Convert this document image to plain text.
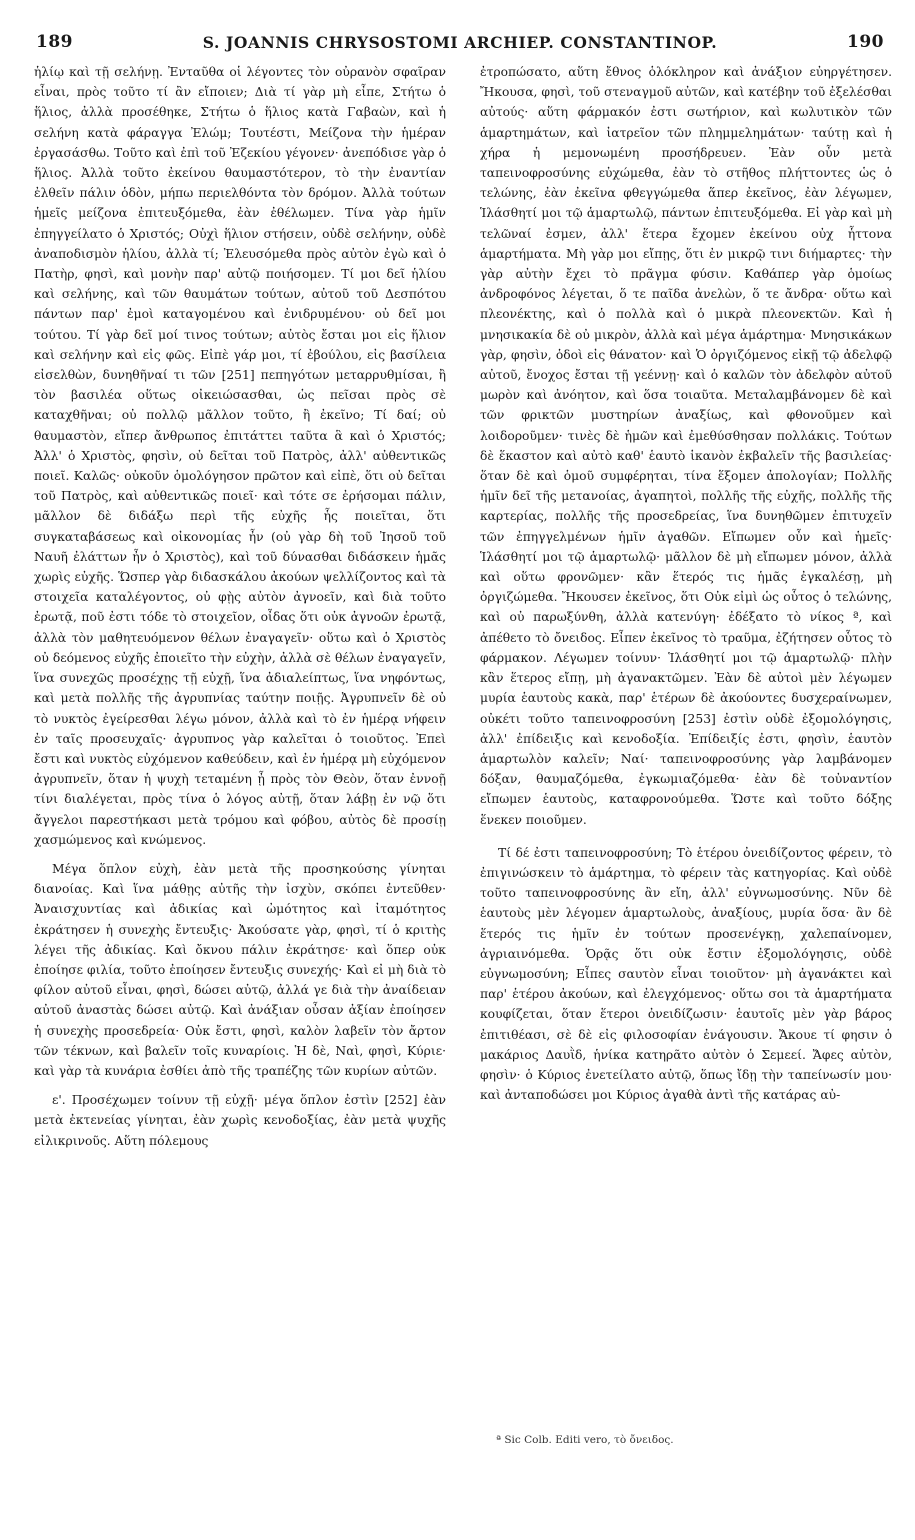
189	S. JOANNIS CHRYSOSTOMI ARCHIEP. CONSTANTINOP.	190

ἡλίῳ καὶ τῇ σελήνῃ. Ἐνταῦθα οἱ λέγοντες τὸν οὐρανὸν σφαῖραν εἶναι, πρὸς τοῦτο τί ἂν εἴποιεν; Διὰ τί γὰρ μὴ εἶπε, Στήτω ὁ ἥλιος, ἀλλὰ προσέθηκε, Στήτω ὁ ἥλιος κατὰ Γαβαὼν, καὶ ἡ σελήνη κατὰ φάραγγα Ἐλώμ; Τουτέστι, Μείζονα τὴν ἡμέραν ἐργασάσθω. Τοῦτο καὶ ἐπὶ τοῦ Ἐζεκίου γέγονεν· ἀνεπόδισε γὰρ ὁ ἥλιος. Ἀλλὰ τοῦτο ἐκείνου θαυμαστότερον, τὸ τὴν ἐναντίαν ἐλθεῖν πάλιν ὁδὸν, μήπω περιελθόντα τὸν δρόμον. Ἀλλὰ τούτων ἡμεῖς μείζονα ἐπιτευξόμεθα, ἐὰν ἐθέλωμεν. Τίνα γὰρ ἡμῖν ἐπηγγείλατο ὁ Χριστός; Οὐχὶ ἥλιον στήσειν, οὐδὲ σελήνην, οὐδὲ ἀναποδισμὸν ἡλίου, ἀλλὰ τί; Ἐλευσόμεθα πρὸς αὐτὸν ἐγὼ καὶ ὁ Πατὴρ, φησὶ, καὶ μονὴν παρ' αὐτῷ ποιήσομεν. Τί μοι δεῖ ἡλίου καὶ σελήνης, καὶ τῶν θαυμάτων τούτων, αὐτοῦ τοῦ Δεσπότου πάντων παρ' ἐμοὶ καταγομένου καὶ ἐνιδρυμένου· οὐ δεῖ μοι τούτου. Τί γὰρ δεῖ μοί τινος τούτων; αὐτὸς ἔσται μοι εἰς ἥλιον καὶ σελήνην καὶ εἰς φῶς. Εἰπὲ γάρ μοι, τί ἐβούλου, εἰς βασίλεια εἰσελθὼν, δυνηθῆναί τι τῶν [251] πεπηγότων μεταρρυθμίσαι, ἢ τὸν βασιλέα οὕτως οἰκειώσασθαι, ὡς πεῖσαι πρὸς σὲ καταχθῆναι; οὐ πολλῷ μᾶλλον τοῦτο, ἢ ἐκεῖνο; Τί δαί; οὐ θαυμαστὸν, εἴπερ ἄνθρωπος ἐπιτάττει ταῦτα ἃ καὶ ὁ Χριστός; Ἀλλ' ὁ Χριστὸς, φησὶν, οὐ δεῖται τοῦ Πατρὸς, ἀλλ' αὐθεντικῶς ποιεῖ. Καλῶς· οὐκοῦν ὁμολόγησον πρῶτον καὶ εἰπὲ, ὅτι οὐ δεῖται τοῦ Πατρὸς, καὶ αὐθεντικῶς ποιεῖ· καὶ τότε σε ἐρήσομαι πάλιν, μᾶλλον δὲ διδάξω περὶ τῆς εὐχῆς ἧς ποιεῖται, ὅτι συγκαταβάσεως καὶ οἰκονομίας ἦν (οὐ γὰρ δὴ τοῦ Ἰησοῦ τοῦ Ναυῆ ἐλάττων ἦν ὁ Χριστὸς), καὶ τοῦ δύνασθαι διδάσκειν ἡμᾶς χωρὶς εὐχῆς. Ὥσπερ γὰρ διδασκάλου ἀκούων ψελλίζοντος καὶ τὰ στοιχεῖα καταλέγοντος, οὐ φῂς αὐτὸν ἀγνοεῖν, καὶ διὰ τοῦτο ἐρωτᾷ, ποῦ ἐστι τόδε τὸ στοιχεῖον, οἶδας ὅτι οὐκ ἀγνοῶν ἐρωτᾷ, ἀλλὰ τὸν μαθητευόμενον θέλων ἐναγαγεῖν· οὕτω καὶ ὁ Χριστὸς οὐ δεόμενος εὐχῆς ἐποιεῖτο τὴν εὐχὴν, ἀλλὰ σὲ θέλων ἐναγαγεῖν, ἵνα συνεχῶς προσέχῃς τῇ εὐχῇ, ἵνα ἀδιαλείπτως, ἵνα νηφόντως, καὶ μετὰ πολλῆς τῆς ἀγρυπνίας ταύτην ποιῇς. Ἀγρυπνεῖν δὲ οὐ τὸ νυκτὸς ἐγείρεσθαι λέγω μόνον, ἀλλὰ καὶ τὸ ἐν ἡμέρᾳ νήφειν ἐν ταῖς προσευχαῖς· ἀγρυπνος γὰρ καλεῖται ὁ τοιοῦτος. Ἐπεὶ ἔστι καὶ νυκτὸς εὐχόμενον καθεύδειν, καὶ ἐν ἡμέρᾳ μὴ εὐχόμενον ἀγρυπνεῖν, ὅταν ἡ ψυχὴ τεταμένη ᾖ πρὸς τὸν Θεὸν, ὅταν ἐννοῇ τίνι διαλέγεται, πρὸς τίνα ὁ λόγος αὐτῇ, ὅταν λάβῃ ἐν νῷ ὅτι ἄγγελοι παρεστήκασι μετὰ τρόμου καὶ φόβου, αὐτὸς δὲ προσίῃ χασμώμενος καὶ κνώμενος.

Μέγα ὅπλον εὐχὴ, ἐὰν μετὰ τῆς προσηκούσης γίνηται διανοίας. Καὶ ἵνα μάθῃς αὐτῆς τὴν ἰσχὺν, σκόπει ἐντεῦθεν· Ἀναισχυντίας καὶ ἀδικίας καὶ ὠμότητος καὶ ἰταμότητος ἐκράτησεν ἡ συνεχὴς ἔντευξις· Ἀκούσατε γὰρ, φησὶ, τί ὁ κριτὴς λέγει τῆς ἀδικίας. Καὶ ὄκνου πάλιν ἐκράτησε· καὶ ὅπερ οὐκ ἐποίησε φιλία, τοῦτο ἐποίησεν ἔντευξις συνεχής· Καὶ εἰ μὴ διὰ τὸ φίλον αὐτοῦ εἶναι, φησὶ, δώσει αὐτῷ, ἀλλά γε διὰ τὴν ἀναίδειαν αὐτοῦ ἀναστὰς δώσει αὐτῷ. Καὶ ἀνάξιαν οὖσαν ἀξίαν ἐποίησεν ἡ συνεχὴς προσεδρεία· Οὐκ ἔστι, φησὶ, καλὸν λαβεῖν τὸν ἄρτον τῶν τέκνων, καὶ βαλεῖν τοῖς κυναρίοις. Ἡ δὲ, Ναὶ, φησὶ, Κύριε· καὶ γὰρ τὰ κυνάρια ἐσθίει ἀπὸ τῆς τραπέζης τῶν κυρίων αὐτῶν.

ε'. Προσέχωμεν τοίνυν τῇ εὐχῇ· μέγα ὅπλον ἐστὶν [252] ἐὰν μετὰ ἐκτενείας γίνηται, ἐὰν χωρὶς κενοδοξίας, ἐὰν μετὰ ψυχῆς εἰλικρινοῦς. Αὕτη πόλεμους

ἐτροπώσατο, αὕτη ἔθνος ὁλόκληρον καὶ ἀνάξιον εὐηργέτησεν. Ἤκουσα, φησὶ, τοῦ στεναγμοῦ αὐτῶν, καὶ κατέβην τοῦ ἐξελέσθαι αὐτούς· αὕτη φάρμακόν ἐστι σωτήριον, καὶ κωλυτικὸν τῶν ἁμαρτημάτων, καὶ ἰατρεῖον τῶν πλημμελημάτων· ταύτῃ καὶ ἡ χήρα ἡ μεμονωμένη προσήδρευεν. Ἐὰν οὖν μετὰ ταπεινοφροσύνης εὐχώμεθα, ἐὰν τὸ στῆθος πλήττοντες ὡς ὁ τελώνης, ἐὰν ἐκεῖνα φθεγγώμεθα ἅπερ ἐκεῖνος, ἐὰν λέγωμεν, Ἱλάσθητί μοι τῷ ἁμαρτωλῷ, πάντων ἐπιτευξόμεθα. Εἰ γὰρ καὶ μὴ τελῶναί ἐσμεν, ἀλλ' ἕτερα ἔχομεν ἐκείνου οὐχ ἧττονα ἁμαρτήματα. Μὴ γὰρ μοι εἴπῃς, ὅτι ἐν μικρῷ τινι διήμαρτες· τὴν γὰρ αὐτὴν ἔχει τὸ πρᾶγμα φύσιν. Καθάπερ γὰρ ὁμοίως ἀνδροφόνος λέγεται, ὅ τε παῖδα ἀνελὼν, ὅ τε ἄνδρα· οὕτω καὶ πλεονέκτης, καὶ ὁ πολλὰ καὶ ὁ μικρὰ πλεονεκτῶν. Καὶ ἡ μνησικακία δὲ οὐ μικρὸν, ἀλλὰ καὶ μέγα ἁμάρτημα· Μνησικάκων γὰρ, φησὶν, ὁδοὶ εἰς θάνατον· καὶ Ὁ ὀργιζόμενος εἰκῇ τῷ ἀδελφῷ αὐτοῦ, ἔνοχος ἔσται τῇ γεέννῃ· καὶ ὁ καλῶν τὸν ἀδελφὸν αὐτοῦ μωρὸν καὶ ἀνόητον, καὶ ὅσα τοιαῦτα. Μεταλαμβάνομεν δὲ καὶ τῶν φρικτῶν μυστηρίων ἀναξίως, καὶ φθονοῦμεν καὶ λοιδοροῦμεν· τινὲς δὲ ἡμῶν καὶ ἐμεθύσθησαν πολλάκις. Τούτων δὲ ἕκαστον καὶ αὐτὸ καθ' ἑαυτὸ ἱκανὸν ἐκβαλεῖν τῆς βασιλείας· ὅταν δὲ καὶ ὁμοῦ συμφέρηται, τίνα ἕξομεν ἀπολογίαν; Πολλῆς ἡμῖν δεῖ τῆς μετανοίας, ἀγαπητοὶ, πολλῆς τῆς εὐχῆς, πολλῆς τῆς καρτερίας, πολλῆς τῆς προσεδρείας, ἵνα δυνηθῶμεν ἐπιτυχεῖν τῶν ἐπηγγελμένων ἡμῖν ἀγαθῶν. Εἴπωμεν οὖν καὶ ἡμεῖς· Ἱλάσθητί μοι τῷ ἁμαρτωλῷ· μᾶλλον δὲ μὴ εἴπωμεν μόνον, ἀλλὰ καὶ οὕτω φρονῶμεν· κἂν ἕτερός τις ἡμᾶς ἐγκαλέσῃ, μὴ ὀργιζώμεθα. Ἤκουσεν ἐκεῖνος, ὅτι Οὐκ εἰμὶ ὡς οὗτος ὁ τελώνης, καὶ οὐ παρωξύνθη, ἀλλὰ κατενύγη· ἐδέξατο τὸ νίκος ª, καὶ ἀπέθετο τὸ ὄνειδος. Εἶπεν ἐκεῖνος τὸ τραῦμα, ἐζήτησεν οὗτος τὸ φάρμακον. Λέγωμεν τοίνυν· Ἱλάσθητί μοι τῷ ἁμαρτωλῷ· πλὴν κἂν ἕτερος εἴπῃ, μὴ ἀγανακτῶμεν. Ἐὰν δὲ αὐτοὶ μὲν λέγωμεν μυρία ἑαυτοὺς κακὰ, παρ' ἑτέρων δὲ ἀκούοντες δυσχεραίνωμεν, οὐκέτι τοῦτο ταπεινοφροσύνη [253] ἐστὶν οὐδὲ ἐξομολόγησις, ἀλλ' ἐπίδειξις καὶ κενοδοξία. Ἐπίδειξίς ἐστι, φησὶν, ἑαυτὸν ἁμαρτωλὸν καλεῖν; Ναί· ταπεινοφροσύνης γὰρ λαμβάνομεν δόξαν, θαυμαζόμεθα, ἐγκωμιαζόμεθα· ἐὰν δὲ τοὐναντίον εἴπωμεν ἑαυτοὺς, καταφρονούμεθα. Ὥστε καὶ τοῦτο δόξης ἕνεκεν ποιοῦμεν.

Τί δέ ἐστι ταπεινοφροσύνη; Τὸ ἑτέρου ὀνειδίζοντος φέρειν, τὸ ἐπιγινώσκειν τὸ ἁμάρτημα, τὸ φέρειν τὰς κατηγορίας. Καὶ οὐδὲ τοῦτο ταπεινοφροσύνης ἂν εἴη, ἀλλ' εὐγνωμοσύνης. Νῦν δὲ ἑαυτοὺς μὲν λέγομεν ἁμαρτωλοὺς, ἀναξίους, μυρία ὅσα· ἂν δὲ ἕτερός τις ἡμῖν ἐν τούτων προσενέγκῃ, χαλεπαίνομεν, ἀγριαινόμεθα. Ὁρᾷς ὅτι οὐκ ἔστιν ἐξομολόγησις, οὐδὲ εὐγνωμοσύνη; Εἶπες σαυτὸν εἶναι τοιοῦτον· μὴ ἀγανάκτει καὶ παρ' ἑτέρου ἀκούων, καὶ ἐλεγχόμενος· οὕτω σοι τὰ ἁμαρτήματα κουφίζεται, ὅταν ἕτεροι ὀνειδίζωσιν· ἑαυτοῖς μὲν γὰρ βάρος ἐπιτιθέασι, σὲ δὲ εἰς φιλοσοφίαν ἐνάγουσιν. Ἄκουε τί φησιν ὁ μακάριος Δαυῒδ, ἡνίκα κατηρᾶτο αὐτὸν ὁ Σεμεεί. Ἄφες αὐτὸν, φησὶν· ὁ Κύριος ἐνετείλατο αὐτῷ, ὅπως ἴδῃ τὴν ταπείνωσίν μου· καὶ ἀνταποδώσει μοι Κύριος ἀγαθὰ ἀντὶ τῆς κατάρας αὐ-

ª Sic Colb. Editi vero, τὸ ὄνειδος.
